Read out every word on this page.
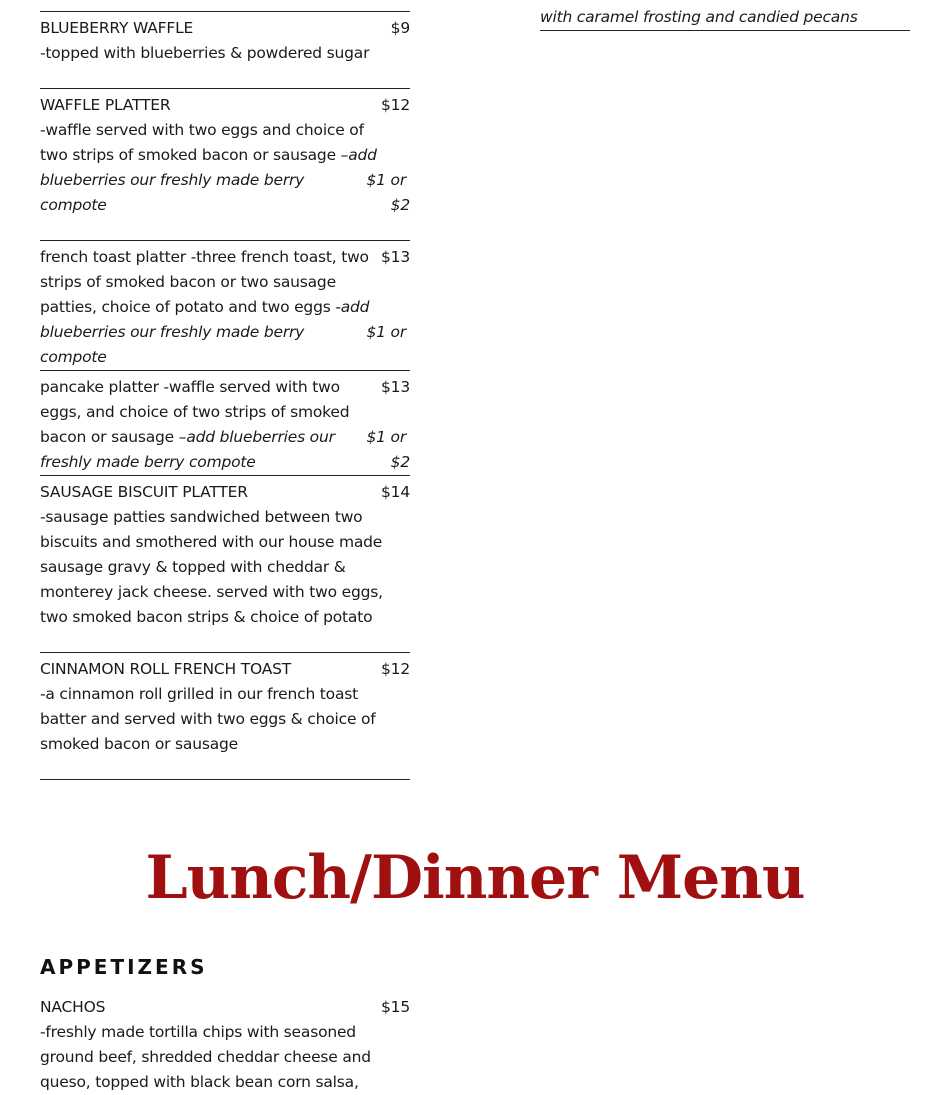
with caramel frosting and candied pecans
BLUEBERRY WAFFLE	$9
-topped with blueberries & powdered sugar
WAFFLE PLATTER	$12
-waffle served with two eggs and choice of
two strips of smoked bacon or sausage –add
blueberries our freshly made berry	$1 or
compote	$2
french toast platter -three french toast, two $13
strips of smoked bacon or two sausage
patties, choice of potato and two eggs -add
blueberries our freshly made berry	$1 or
compote
pancake platter -waffle served with two	$13
eggs, and choice of two strips of smoked
bacon or sausage –add blueberries our	$1 or
freshly made berry compote	$2
SAUSAGE BISCUIT PLATTER	$14
-sausage patties sandwiched between two
biscuits and smothered with our house made
sausage gravy & topped with cheddar &
monterey jack cheese. served with two eggs,
two smoked bacon strips & choice of potato
CINNAMON ROLL FRENCH TOAST	$12
-a cinnamon roll grilled in our french toast
batter and served with two eggs & choice of
smoked bacon or sausage
Lunch/Dinner Menu
APPETIZERS
NACHOS	$15
-freshly made tortilla chips with seasoned
ground beef, shredded cheddar cheese and
queso, topped with black bean corn salsa,
